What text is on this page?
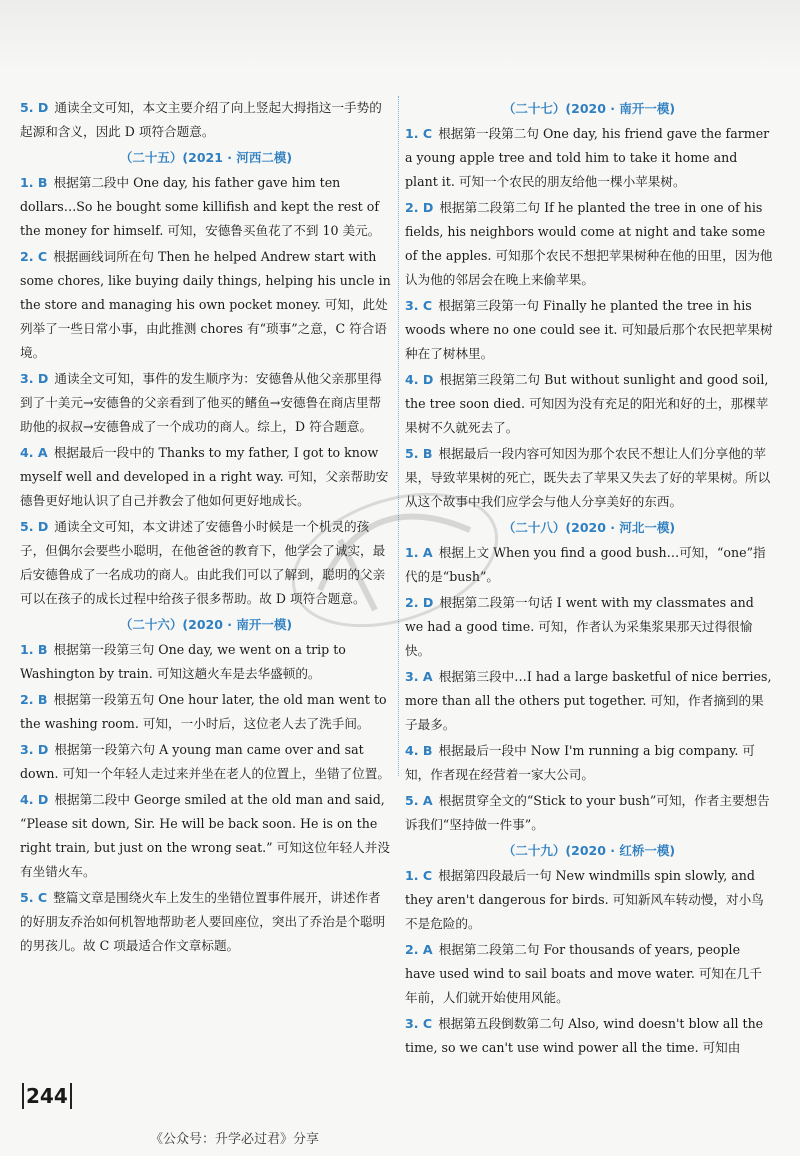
5. D 通读全文可知，本文主要介绍了向上竖起大拇指这一手势的起源和含义，因此 D 项符合题意。
（二十五）(2021 · 河西二模)
1. B 根据第二段中 One day, his father gave him ten dollars…So he bought some killifish and kept the rest of the money for himself. 可知，安德鲁买鱼花了不到 10 美元。
2. C 根据画线词所在句 Then he helped Andrew start with some chores, like buying daily things, helping his uncle in the store and managing his own pocket money. 可知，此处列举了一些日常小事，由此推测 chores 有“琐事”之意，C 符合语境。
3. D 通读全文可知，事件的发生顺序为：安德鲁从他父亲那里得到了十美元→安德鲁的父亲看到了他买的鳍鱼→安德鲁在商店里帮助他的叔叔→安德鲁成了一个成功的商人。综上，D 符合题意。
4. A 根据最后一段中的 Thanks to my father, I got to know myself well and developed in a right way. 可知，父亲帮助安德鲁更好地认识了自己并教会了他如何更好地成长。
5. D 通读全文可知，本文讲述了安德鲁小时候是一个机灵的孩子，但偶尔会要些小聪明，在他爸爸的教育下，他学会了诚实，最后安德鲁成了一名成功的商人。由此我们可以了解到，聪明的父亲可以在孩子的成长过程中给孩子很多帮助。故 D 项符合题意。
（二十六）(2020 · 南开一模)
1. B 根据第一段第三句 One day, we went on a trip to Washington by train. 可知这趟火车是去华盛顿的。
2. B 根据第一段第五句 One hour later, the old man went to the washing room. 可知，一小时后，这位老人去了洗手间。
3. D 根据第一段第六句 A young man came over and sat down. 可知一个年轻人走过来并坐在老人的位置上，坐错了位置。
4. D 根据第二段中 George smiled at the old man and said, “Please sit down, Sir. He will be back soon. He is on the right train, but just on the wrong seat.” 可知这位年轻人并没有坐错火车。
5. C 整篇文章是围绕火车上发生的坐错位置事件展开，讲述作者的好朋友乔治如何机智地帮助老人要回座位，突出了乔治是个聪明的男孩儿。故 C 项最适合作文章标题。
（二十七）(2020 · 南开一模)
1. C 根据第一段第二句 One day, his friend gave the farmer a young apple tree and told him to take it home and plant it. 可知一个农民的朋友给他一棵小苹果树。
2. D 根据第二段第二句 If he planted the tree in one of his fields, his neighbors would come at night and take some of the apples. 可知那个农民不想把苹果树种在他的田里，因为他认为他的邻居会在晚上来偷苹果。
3. C 根据第三段第一句 Finally he planted the tree in his woods where no one could see it. 可知最后那个农民把苹果树种在了树林里。
4. D 根据第三段第二句 But without sunlight and good soil, the tree soon died. 可知因为没有充足的阳光和好的土，那棵苹果树不久就死去了。
5. B 根据最后一段内容可知因为那个农民不想让人们分享他的苹果，导致苹果树的死亡，既失去了苹果又失去了好的苹果树。所以从这个故事中我们应学会与他人分享美好的东西。
（二十八）(2020 · 河北一模)
1. A 根据上文 When you find a good bush…可知，“one”指代的是“bush”。
2. D 根据第二段第一句话 I went with my classmates and we had a good time. 可知，作者认为采集浆果那天过得很愉快。
3. A 根据第三段中…I had a large basketful of nice berries, more than all the others put together. 可知，作者摘到的果子最多。
4. B 根据最后一段中 Now I'm running a big company. 可知，作者现在经营着一家大公司。
5. A 根据贯穿全文的“Stick to your bush”可知，作者主要想告诉我们“坚持做一件事”。
（二十九）(2020 · 红桥一模)
1. C 根据第四段最后一句 New windmills spin slowly, and they aren't dangerous for birds. 可知新风车转动慢，对小鸟不是危险的。
2. A 根据第二段第二句 For thousands of years, people have used wind to sail boats and move water. 可知在几千年前，人们就开始使用风能。
3. C 根据第五段倒数第二句 Also, wind doesn't blow all the time, so we can't use wind power all the time. 可知由
244
《公众号：升学必过君》分享
